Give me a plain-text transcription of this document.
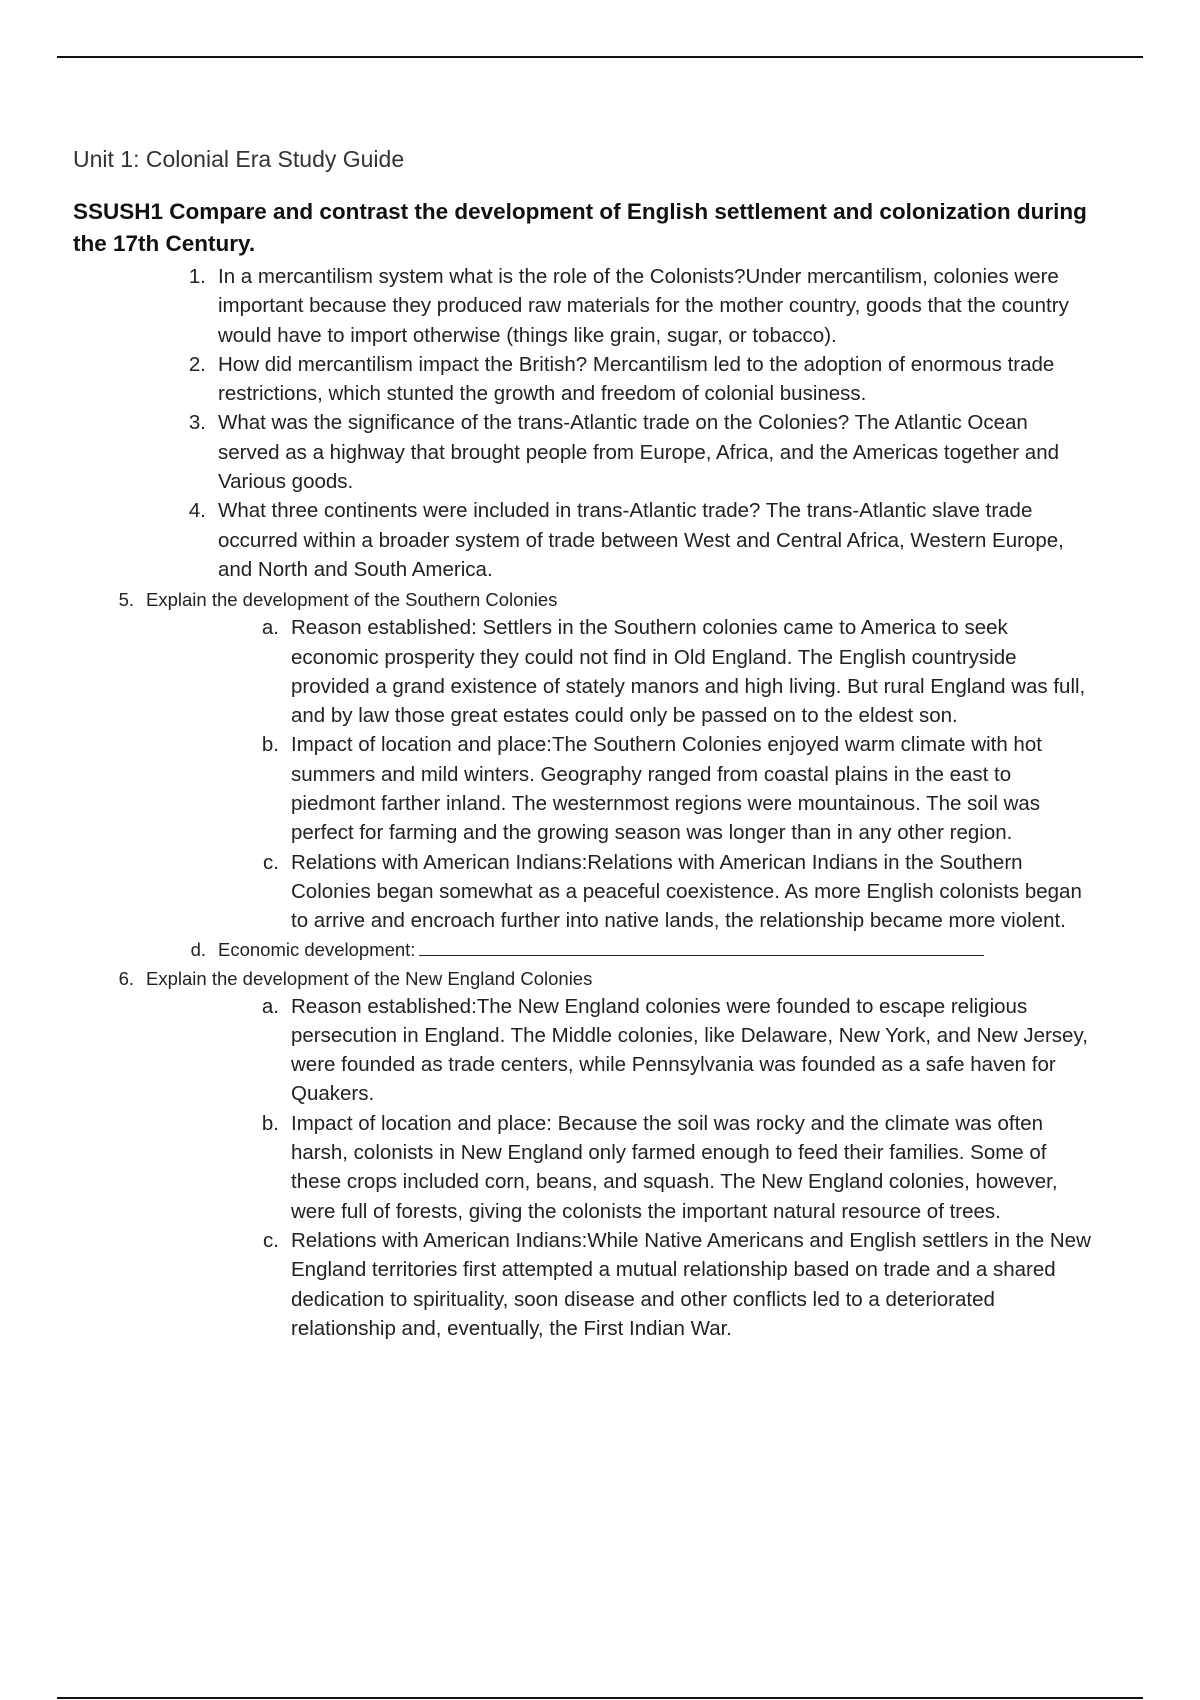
Unit 1: Colonial Era Study Guide
SSUSH1 Compare and contrast the development of English settlement and colonization during the 17th Century.
1. In a mercantilism system what is the role of the Colonists?Under mercantilism, colonies were important because they produced raw materials for the mother country, goods that the country would have to import otherwise (things like grain, sugar, or tobacco).
2. How did mercantilism impact the British? Mercantilism led to the adoption of enormous trade restrictions, which stunted the growth and freedom of colonial business.
3. What was the significance of the trans-Atlantic trade on the Colonies? The Atlantic Ocean served as a highway that brought people from Europe, Africa, and the Americas together and Various goods.
4. What three continents were included in trans-Atlantic trade? The trans-Atlantic slave trade occurred within a broader system of trade between West and Central Africa, Western Europe, and North and South America.
5. Explain the development of the Southern Colonies
a. Reason established: Settlers in the Southern colonies came to America to seek economic prosperity they could not find in Old England. The English countryside provided a grand existence of stately manors and high living. But rural England was full, and by law those great estates could only be passed on to the eldest son.
b. Impact of location and place:The Southern Colonies enjoyed warm climate with hot summers and mild winters. Geography ranged from coastal plains in the east to piedmont farther inland. The westernmost regions were mountainous. The soil was perfect for farming and the growing season was longer than in any other region.
c. Relations with American Indians:Relations with American Indians in the Southern Colonies began somewhat as a peaceful coexistence. As more English colonists began to arrive and encroach further into native lands, the relationship became more violent.
d. Economic development:
6. Explain the development of the New England Colonies
a. Reason established:The New England colonies were founded to escape religious persecution in England. The Middle colonies, like Delaware, New York, and New Jersey, were founded as trade centers, while Pennsylvania was founded as a safe haven for Quakers.
b. Impact of location and place: Because the soil was rocky and the climate was often harsh, colonists in New England only farmed enough to feed their families. Some of these crops included corn, beans, and squash. The New England colonies, however, were full of forests, giving the colonists the important natural resource of trees.
c. Relations with American Indians:While Native Americans and English settlers in the New England territories first attempted a mutual relationship based on trade and a shared dedication to spirituality, soon disease and other conflicts led to a deteriorated relationship and, eventually, the First Indian War.
